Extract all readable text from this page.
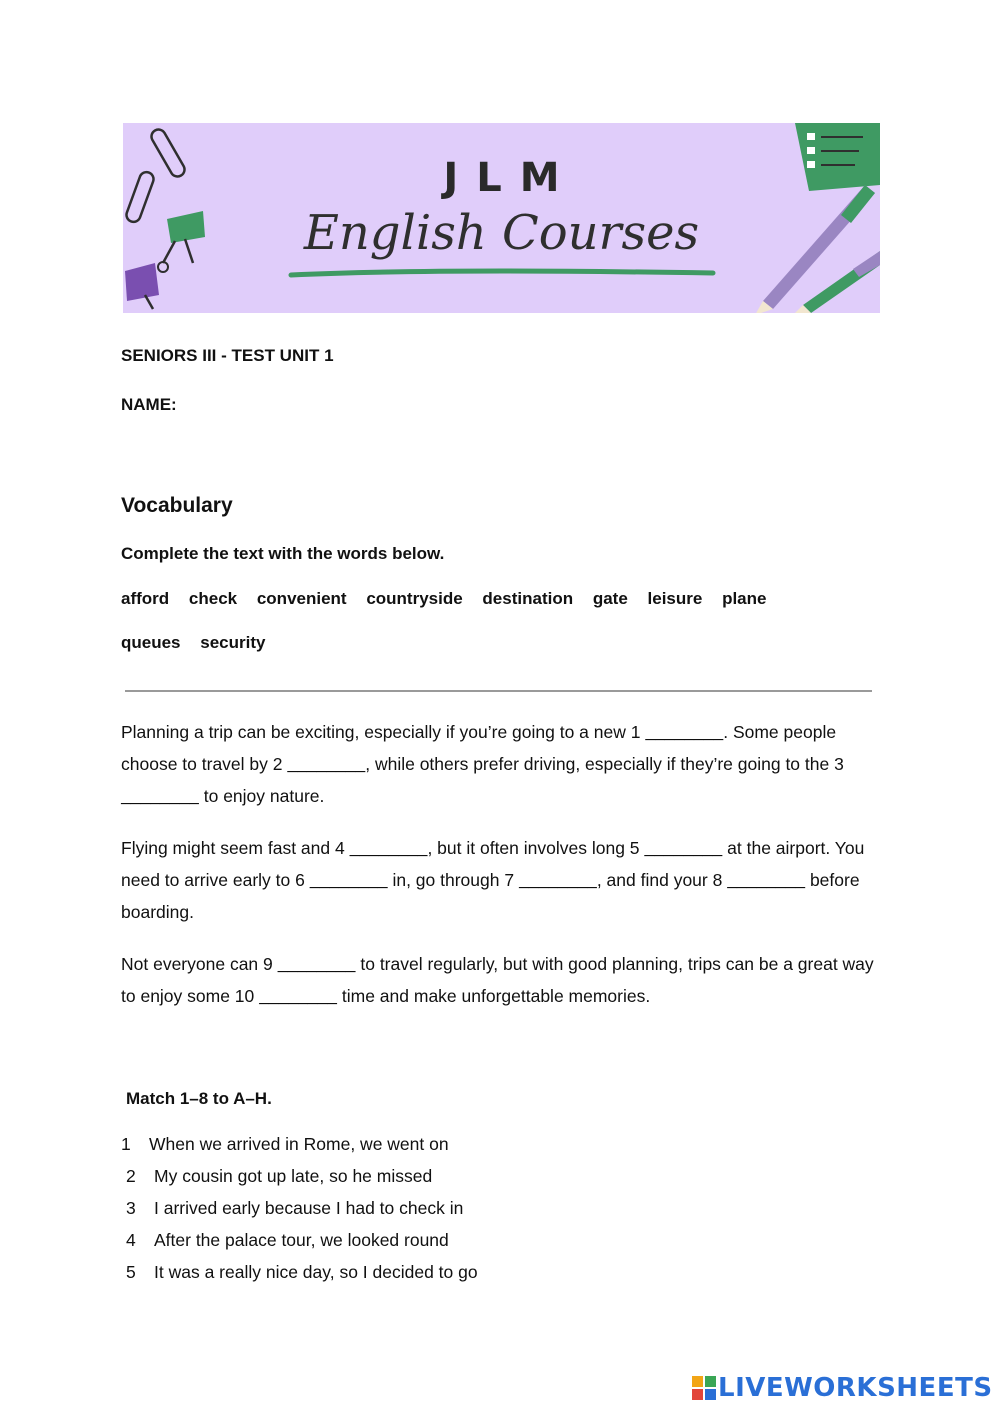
JLM
English Courses
SENIORS III - TEST UNIT 1
NAME:
Vocabulary
Complete the text with the words below.
afford check convenient countryside destination gate leisure plane
queues security
Planning a trip can be exciting, especially if you’re going to a new 1 ________. Some people choose to travel by 2 ________, while others prefer driving, especially if they’re going to the 3 ________ to enjoy nature.
Flying might seem fast and 4 ________, but it often involves long 5 ________ at the airport. You need to arrive early to 6 ________ in, go through 7 ________, and find your 8 ________ before boarding.
Not everyone can 9 ________ to travel regularly, but with good planning, trips can be a great way to enjoy some 10 ________ time and make unforgettable memories.
Match 1–8 to A–H.
1 When we arrived in Rome, we went on
2 My cousin got up late, so he missed
3 I arrived early because I had to check in
4 After the palace tour, we looked round
5 It was a really nice day, so I decided to go
LIVEWORKSHEETS
